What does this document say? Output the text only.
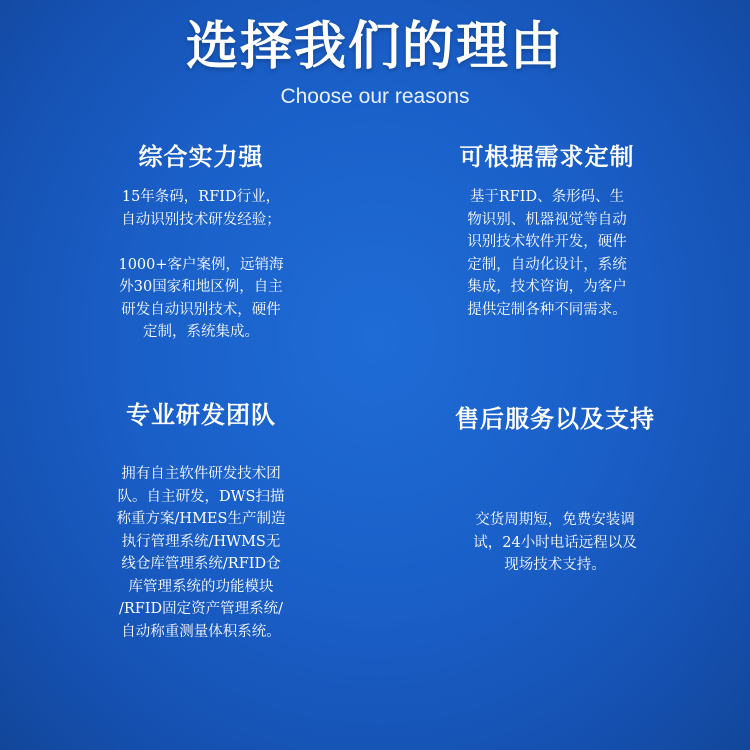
选择我们的理由
Choose our reasons
综合实力强
15年条码，RFID行业，
自动识别技术研发经验；

1000+客户案例，远销海
外30国家和地区例，自主
研发自动识别技术，硬件
定制，系统集成。
可根据需求定制
基于RFID、条形码、生
物识别、机器视觉等自动
识别技术软件开发，硬件
定制，自动化设计，系统
集成，技术咨询，为客户
提供定制各种不同需求。
专业研发团队
拥有自主软件研发技术团
队。自主研发，DWS扫描
称重方案/HMES生产制造
执行管理系统/HWMS无
线仓库管理系统/RFID仓
库管理系统的功能模块
/RFID固定资产管理系统/
自动称重测量体积系统。
售后服务以及支持
交货周期短，免费安装调
试，24小时电话远程以及
现场技术支持。
